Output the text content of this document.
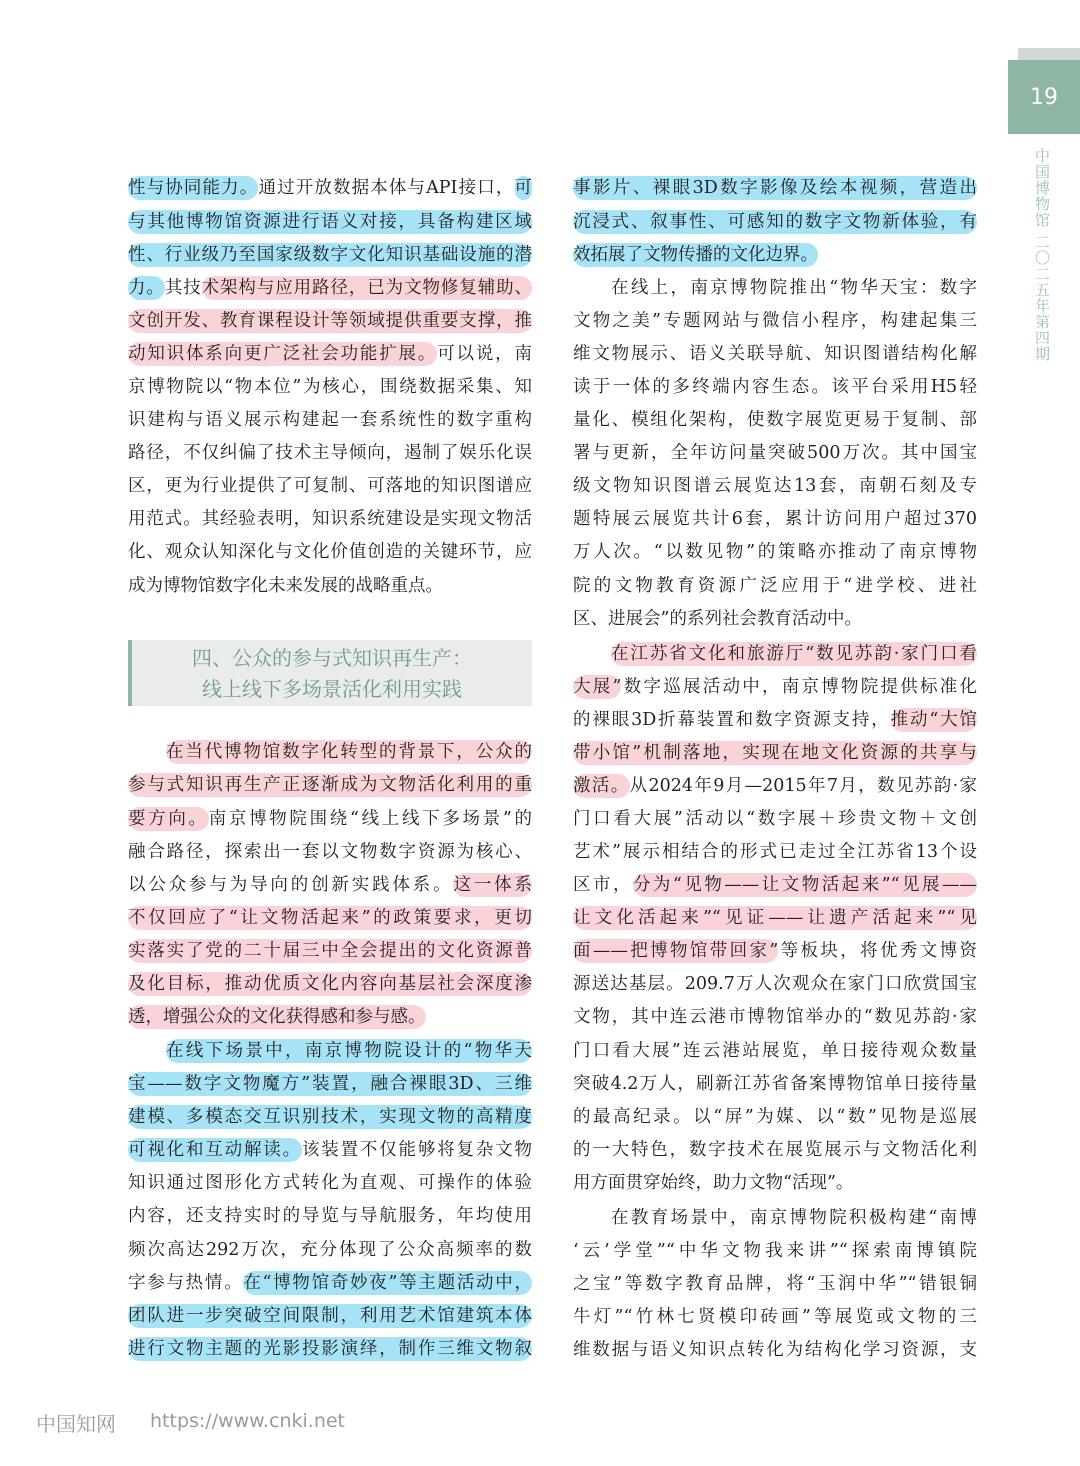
19
中国博物馆 二〇二五年第四期
性与协同能力。通过开放数据本体与API接口，可
与其他博物馆资源进行语义对接，具备构建区域
性、行业级乃至国家级数字文化知识基础设施的潜
力。其技术架构与应用路径，已为文物修复辅助、
文创开发、教育课程设计等领域提供重要支撑，推
动知识体系向更广泛社会功能扩展。可以说，南
京博物院以“物本位”为核心，围绕数据采集、知
识建构与语义展示构建起一套系统性的数字重构
路径，不仅纠偏了技术主导倾向，遏制了娱乐化误
区，更为行业提供了可复制、可落地的知识图谱应
用范式。其经验表明，知识系统建设是实现文物活
化、观众认知深化与文化价值创造的关键环节，应
成为博物馆数字化未来发展的战略重点。
四、公众的参与式知识再生产：
线上线下多场景活化利用实践
在当代博物馆数字化转型的背景下，公众的
参与式知识再生产正逐渐成为文物活化利用的重
要方向。南京博物院围绕“线上线下多场景”的
融合路径，探索出一套以文物数字资源为核心、
以公众参与为导向的创新实践体系。这一体系
不仅回应了“让文物活起来”的政策要求，更切
实落实了党的二十届三中全会提出的文化资源普
及化目标，推动优质文化内容向基层社会深度渗
透，增强公众的文化获得感和参与感。
在线下场景中，南京博物院设计的“物华天
宝——数字文物魔方”装置，融合裸眼3D、三维
建模、多模态交互识别技术，实现文物的高精度
可视化和互动解读。该装置不仅能够将复杂文物
知识通过图形化方式转化为直观、可操作的体验
内容，还支持实时的导览与导航服务，年均使用
频次高达292万次，充分体现了公众高频率的数
字参与热情。在“博物馆奇妙夜”等主题活动中，
团队进一步突破空间限制，利用艺术馆建筑本体
进行文物主题的光影投影演绎，制作三维文物叙
事影片、裸眼3D数字影像及绘本视频，营造出
沉浸式、叙事性、可感知的数字文物新体验，有
效拓展了文物传播的文化边界。
在线上，南京博物院推出“物华天宝：数字
文物之美”专题网站与微信小程序，构建起集三
维文物展示、语义关联导航、知识图谱结构化解
读于一体的多终端内容生态。该平台采用H5轻
量化、模组化架构，使数字展览更易于复制、部
署与更新，全年访问量突破500万次。其中国宝
级文物知识图谱云展览达13套，南朝石刻及专
题特展云展览共计6套，累计访问用户超过370
万人次。“以数见物”的策略亦推动了南京博物
院的文物教育资源广泛应用于“进学校、进社
区、进展会”的系列社会教育活动中。
在江苏省文化和旅游厅“数见苏韵·家门口看
大展”数字巡展活动中，南京博物院提供标准化
的裸眼3D折幕装置和数字资源支持，推动“大馆
带小馆”机制落地，实现在地文化资源的共享与
激活。从2024年9月—2015年7月，数见苏韵·家
门口看大展”活动以“数字展＋珍贵文物＋文创
艺术”展示相结合的形式已走过全江苏省13个设
区市，分为“见物——让文物活起来”“见展——
让文化活起来”“见证——让遗产活起来”“见
面——把博物馆带回家”等板块，将优秀文博资
源送达基层。209.7万人次观众在家门口欣赏国宝
文物，其中连云港市博物馆举办的“数见苏韵·家
门口看大展”连云港站展览，单日接待观众数量
突破4.2万人，刷新江苏省备案博物馆单日接待量
的最高纪录。以“屏”为媒、以“数”见物是巡展
的一大特色，数字技术在展览展示与文物活化利
用方面贯穿始终，助力文物“活现”。
在教育场景中，南京博物院积极构建“南博
‘云’学堂”“中华文物我来讲”“探索南博镇院
之宝”等数字教育品牌，将“玉润中华”“错银铜
牛灯”“竹林七贤模印砖画”等展览或文物的三
维数据与语义知识点转化为结构化学习资源，支
中国知网 https://www.cnki.net
